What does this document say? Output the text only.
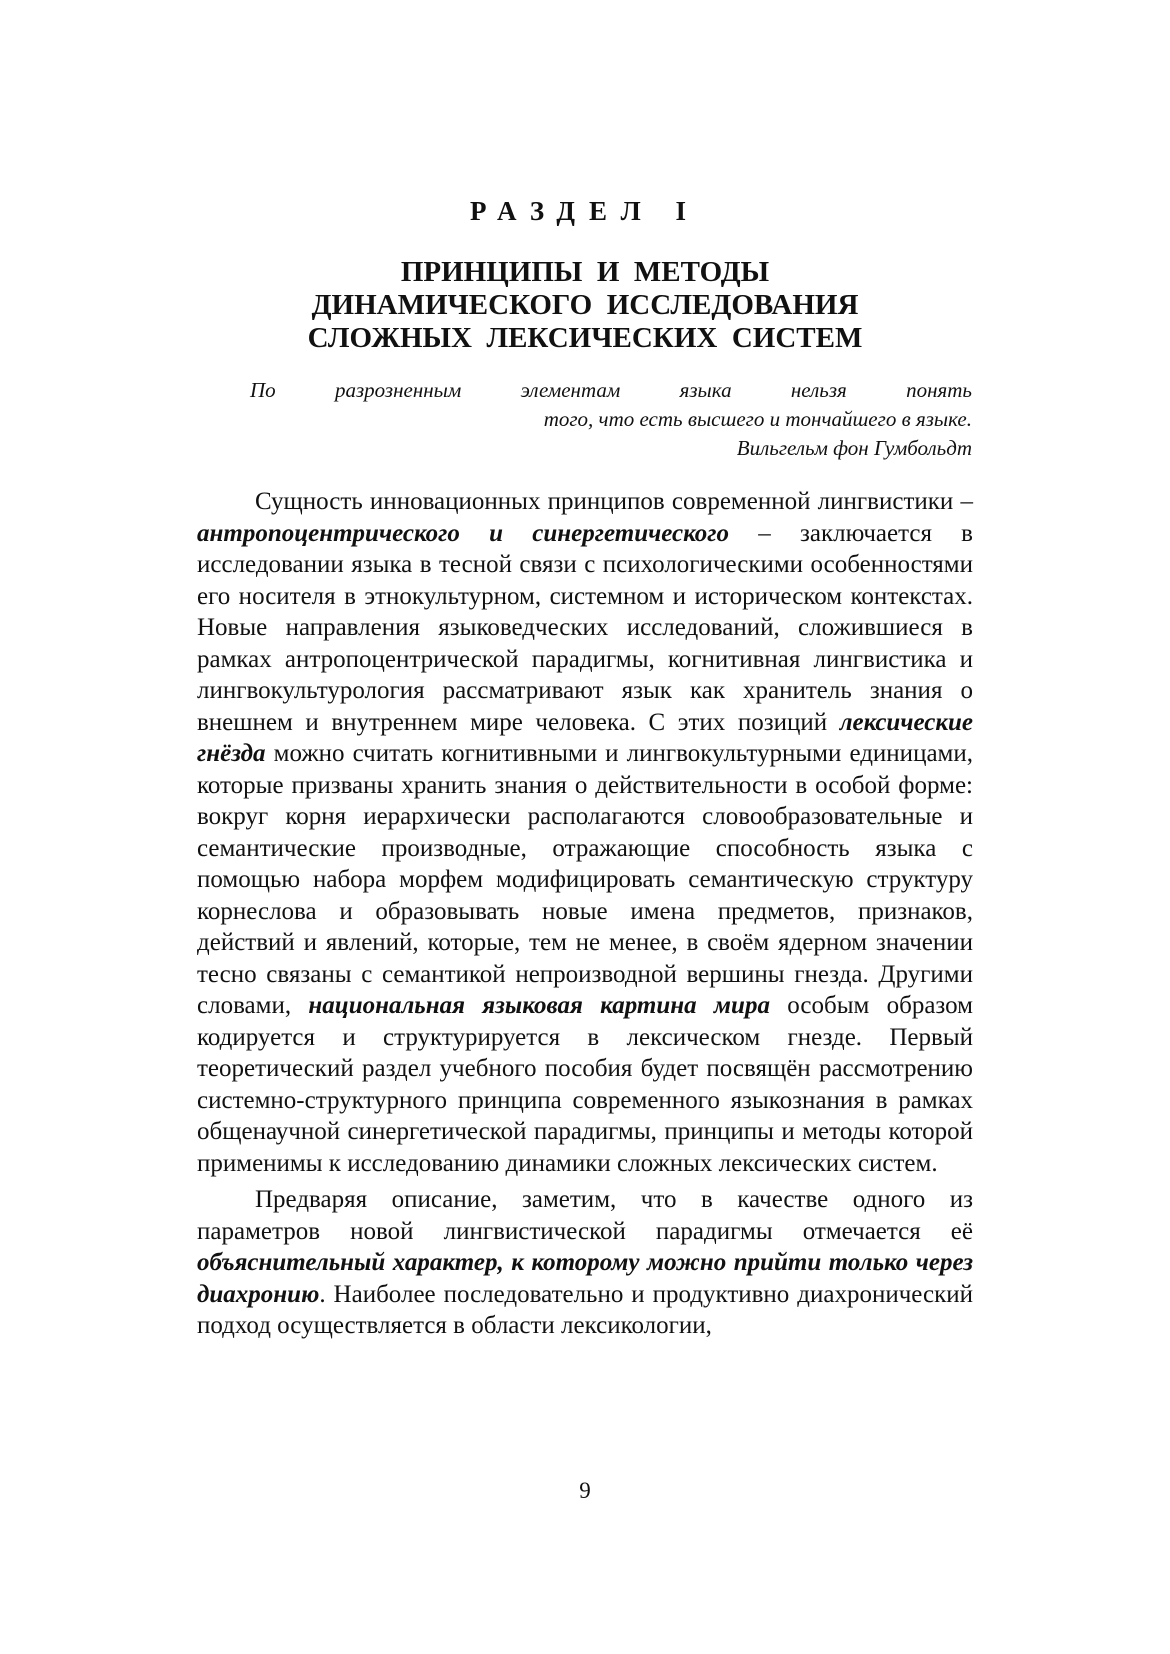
РАЗДЕЛ I
ПРИНЦИПЫ  И  МЕТОДЫ
ДИНАМИЧЕСКОГО  ИССЛЕДОВАНИЯ
СЛОЖНЫХ  ЛЕКСИЧЕСКИХ  СИСТЕМ
По разрозненным элементам языка нельзя понять
того, что есть высшего и тончайшего в языке.
Вильгельм фон Гумбольдт

Сущность инновационных принципов современной лингвистики – антропоцентрического и синергетического – заключается в исследовании языка в тесной связи с психологическими особенностями его носителя в этнокультурном, системном и историческом контекстах. Новые направления языковедческих исследований, сложившиеся в рамках антропоцентрической парадигмы, когнитивная лингвистика и лингвокультурология рассматривают язык как хранитель знания о внешнем и внутреннем мире человека. С этих позиций лексические гнёзда можно считать когнитивными и лингвокультурными единицами, которые призваны хранить знания о действительности в особой форме: вокруг корня иерархически располагаются словообразовательные и семантические производные, отражающие способность языка с помощью набора морфем модифицировать семантическую структуру корнеслова и образовывать новые имена предметов, признаков, действий и явлений, которые, тем не менее, в своём ядерном значении тесно связаны с семантикой непроизводной вершины гнезда. Другими словами, национальная языковая картина мира особым образом кодируется и структурируется в лексическом гнезде. Первый теоретический раздел учебного пособия будет посвящён рассмотрению системно-структурного принципа современного языкознания в рамках общенаучной синергетической парадигмы, принципы и методы которой применимы к исследованию динамики сложных лексических систем.

Предваряя описание, заметим, что в качестве одного из параметров новой лингвистической парадигмы отмечается её объяснительный характер, к которому можно прийти только через диахронию. Наиболее последовательно и продуктивно диахронический подход осуществляется в области лексикологии,

9
